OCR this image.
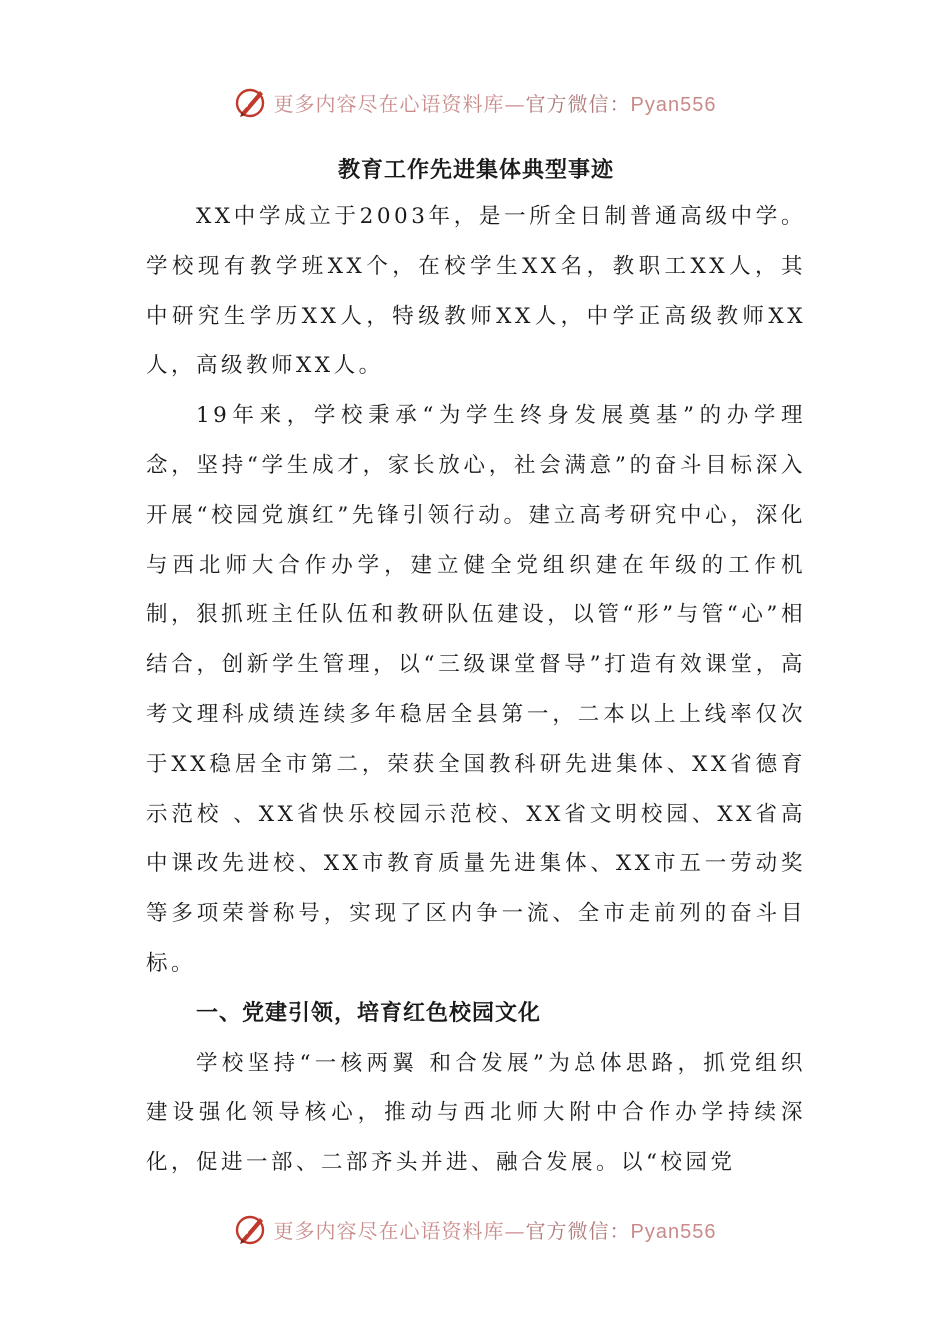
更多内容尽在心语资料库—官方微信：Pyan556
教育工作先进集体典型事迹

XX中学成立于2003年，是一所全日制普通高级中学。学校现有教学班XX个，在校学生XX名，教职工XX人，其中研究生学历XX人，特级教师XX人，中学正高级教师XX人，高级教师XX人。

19年来，学校秉承“为学生终身发展奠基”的办学理念，坚持“学生成才，家长放心，社会满意”的奋斗目标深入开展“校园党旗红”先锋引领行动。建立高考研究中心，深化与西北师大合作办学，建立健全党组织建在年级的工作机制，狠抓班主任队伍和教研队伍建设，以管“形”与管“心”相结合，创新学生管理，以“三级课堂督导”打造有效课堂，高考文理科成绩连续多年稳居全县第一，二本以上上线率仅次于XX稳居全市第二，荣获全国教科研先进集体、XX省德育示范校 、XX省快乐校园示范校、XX省文明校园、XX省高中课改先进校、XX市教育质量先进集体、XX市五一劳动奖等多项荣誉称号，实现了区内争一流、全市走前列的奋斗目标。

一、党建引领，培育红色校园文化

学校坚持“一核两翼 和合发展”为总体思路，抓党组织建设强化领导核心，推动与西北师大附中合作办学持续深化，促进一部、二部齐头并进、融合发展。以“校园党

更多内容尽在心语资料库—官方微信：Pyan556
